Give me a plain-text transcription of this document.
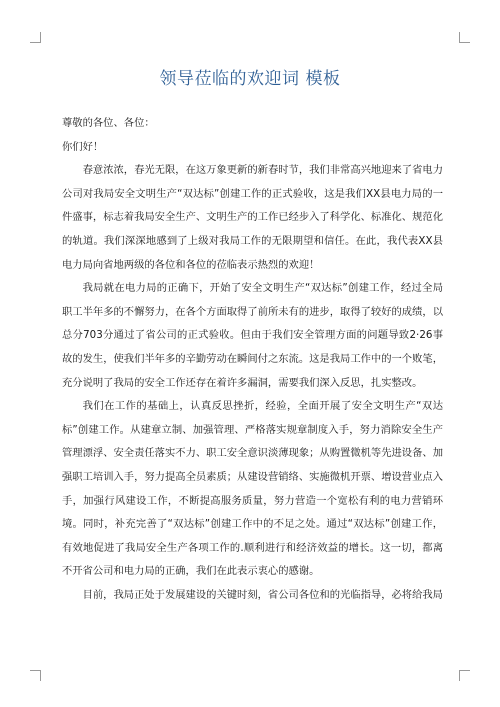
领导莅临的欢迎词 模板

尊敬的各位、各位：

你们好！

春意浓浓，春光无限，在这万象更新的新春时节，我们非常高兴地迎来了省电力公司对我局安全文明生产“双达标”创建工作的正式验收，这是我们XX县电力局的一件盛事，标志着我局安全生产、文明生产的工作已经步入了科学化、标准化、规范化的轨道。我们深深地感到了上级对我局工作的无限期望和信任。在此，我代表XX县电力局向省地两级的各位和各位的莅临表示热烈的欢迎！

我局就在电力局的正确下，开始了安全文明生产“双达标”创建工作，经过全局职工半年多的不懈努力，在各个方面取得了前所未有的进步，取得了较好的成绩，以总分703分通过了省公司的正式验收。但由于我们安全管理方面的问题导致2·26事故的发生，使我们半年多的辛勤劳动在瞬间付之东流。这是我局工作中的一个败笔，充分说明了我局的安全工作还存在着许多漏洞，需要我们深入反思，扎实整改。

我们在工作的基础上，认真反思挫折，经验，全面开展了安全文明生产“双达标”创建工作。从建章立制、加强管理、严格落实规章制度入手，努力消除安全生产管理漂浮、安全责任落实不力、职工安全意识淡薄现象；从购置微机等先进设备、加强职工培训入手，努力提高全员素质；从建设营销络、实施微机开票、增设营业点入手，加强行风建设工作，不断提高服务质量，努力营造一个宽松有利的电力营销环境。同时，补充完善了“双达标”创建工作中的不足之处。通过“双达标”创建工作，有效地促进了我局安全生产各项工作的.顺利进行和经济效益的增长。这一切，都离不开省公司和电力局的正确，我们在此表示衷心的感谢。

目前，我局正处于发展建设的关键时刻，省公司各位和的光临指导，必将给我局
